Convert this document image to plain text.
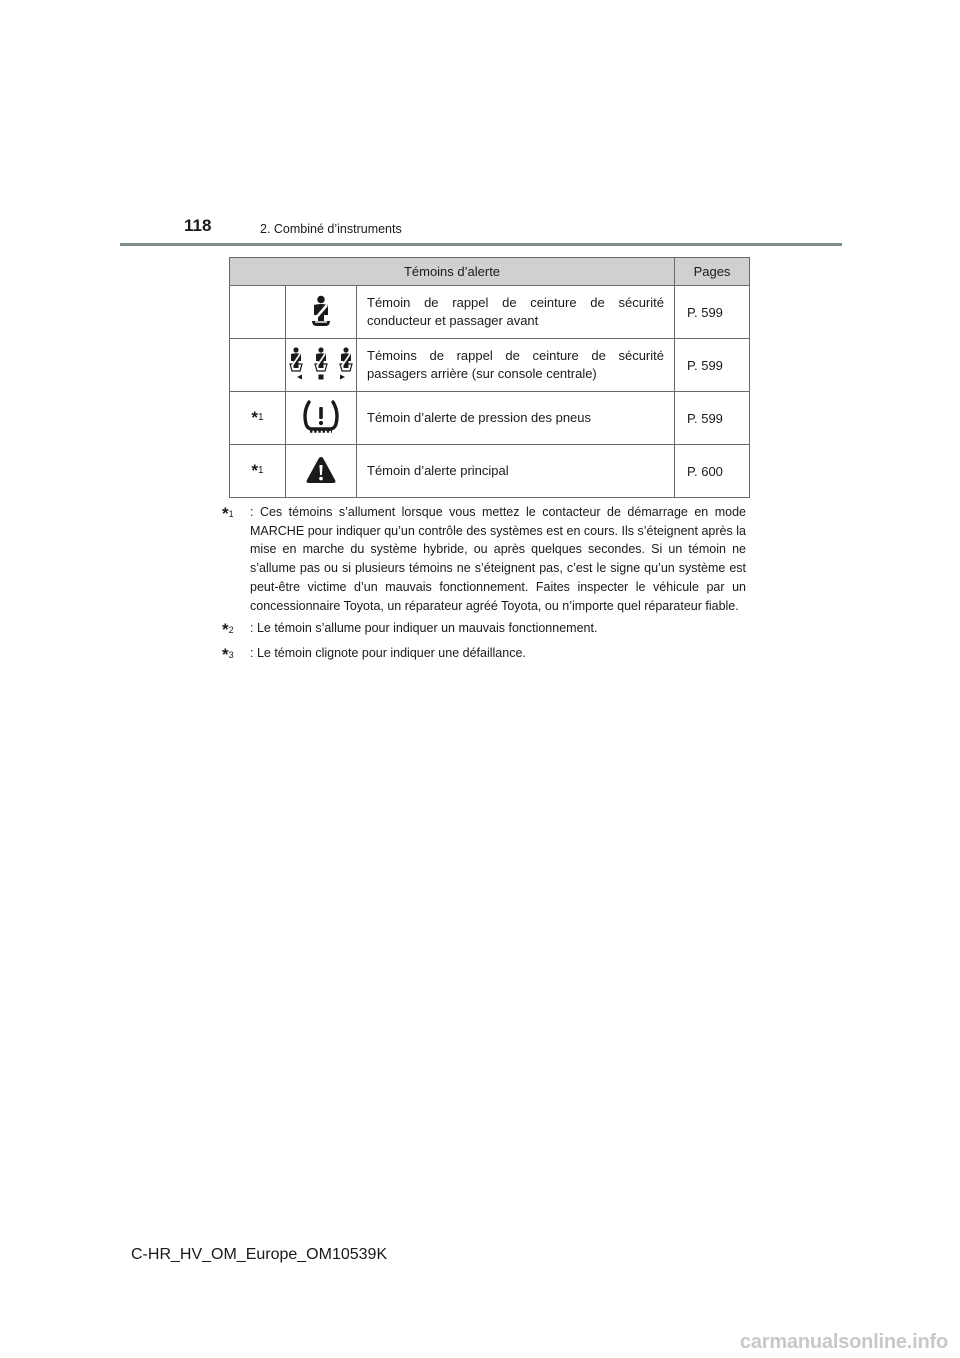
118	2. Combiné d’instruments
Témoins d’alerte			Pages
		Témoin de rappel de ceinture de sécurité conducteur et passager avant	P. 599
		Témoins de rappel de ceinture de sécurité passagers arrière (sur console centrale)	P. 599
*$^1$		Témoin d’alerte de pression des pneus	P. 599
*$^1$		Témoin d’alerte principal	P. 600
*$^1$	: Ces témoins s’allument lorsque vous mettez le contacteur de démarrage en mode MARCHE pour indiquer qu’un contrôle des systèmes est en cours. Ils s’éteignent après la mise en marche du système hybride, ou après quelques secondes. Si un témoin ne s’allume pas ou si plusieurs témoins ne s’éteignent pas, c’est le signe qu’un système est peut-être victime d’un mauvais fonctionnement. Faites inspecter le véhicule par un concessionnaire Toyota, un réparateur agréé Toyota, ou n’importe quel réparateur fiable.
*$^2$	: Le témoin s’allume pour indiquer un mauvais fonctionnement.
*$^3$	: Le témoin clignote pour indiquer une défaillance.
C-HR_HV_OM_Europe_OM10539K
carmanualsonline.info
